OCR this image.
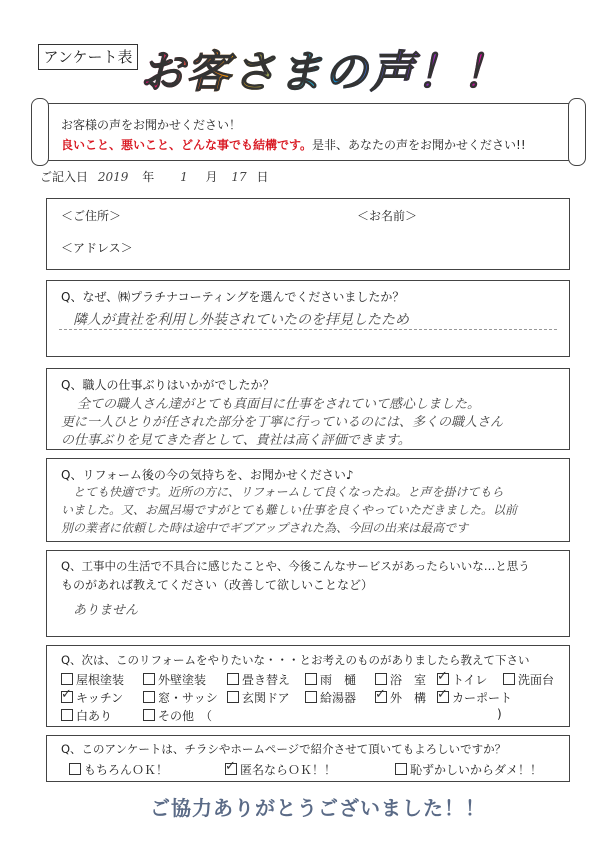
アンケート表 お客さまの声！！

お客様の声をお聞かせください！

良いこと、悪いこと、どんな事でも結構です。是非、あなたの声をお聞かせください!!

ご記入日 2019 年 1 月 17 日
＜ご住所＞	＜お名前＞
＜アドレス＞
Q、なぜ、㈱プラチナコーティングを選んでくださいましたか？
隣人が貴社を利用し外装されていたのを拝見したため
Q、職人の仕事ぶりはいかがでしたか？
全ての職人さん達がとても真面目に仕事をされていて感心しました。
更に一人ひとりが任された部分を丁寧に行っているのには、多くの職人さん
の仕事ぶりを見てきた者として、貴社は高く評価できます。
Q、リフォーム後の今の気持ちを、お聞かせください♪
とても快適です。近所の方に、リフォームして良くなったね。と声を掛けてもら
いました。又、お風呂場ですがとても難しい仕事を良くやっていただきました。以前
別の業者に依頼した時は途中でギブアップされた為、今回の出来は最高です
Q、工事中の生活で不具合に感じたことや、今後こんなサービスがあったらいいな…と思う
ものがあれば教えてください（改善して欲しいことなど）
ありません
Q、次は、このリフォームをやりたいな・・・とお考えのものがありましたら教えて下さい
屋根塗装	外壁塗装	畳き替え	雨　樋	浴　室 ✓	トイレ	洗面台
✓キッチン	窓・サッシ	玄関ドア	給湯器 ✓	外　構 ✓	カーポート
白あり	その他　（	)
Q、このアンケートは、チラシやホームページで紹介させて頂いてもよろしいですか？
もちろんＯＫ！ ✓	匿名ならＯＫ！！	恥ずかしいからダメ！！
ご協力ありがとうございました！！
